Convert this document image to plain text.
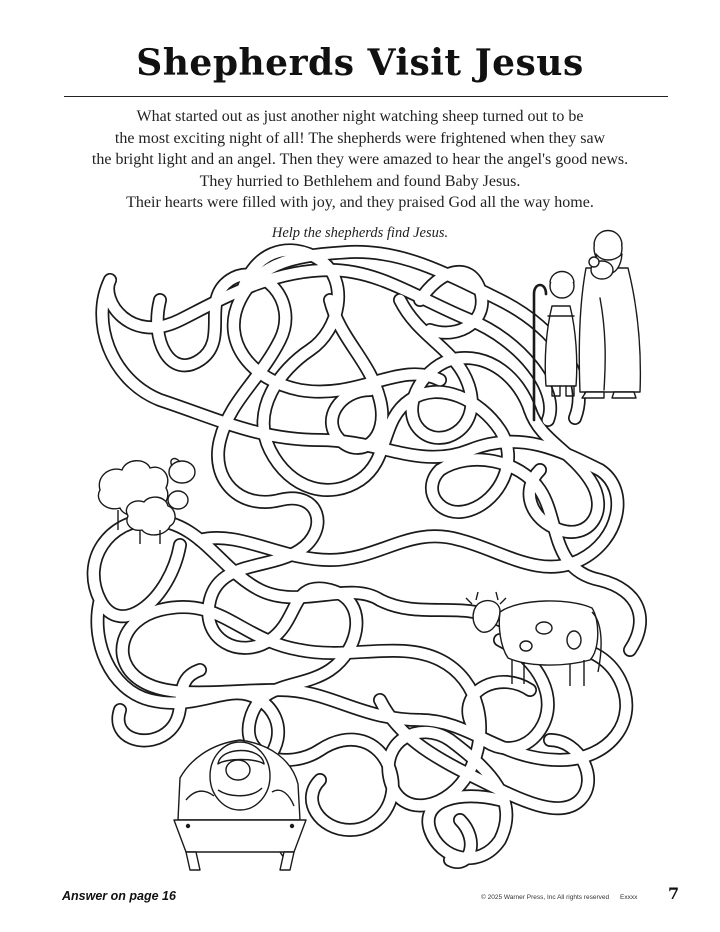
Shepherds Visit Jesus
What started out as just another night watching sheep turned out to be
the most exciting night of all! The shepherds were frightened when they saw
the bright light and an angel. Then they were amazed to hear the angel's good news.
They hurried to Bethlehem and found Baby Jesus.
Their hearts were filled with joy, and they praised God all the way home.
Help the shepherds find Jesus.
Answer on page 16	© 2025 Warner Press, Inc All rights reserved Exxxx 7
